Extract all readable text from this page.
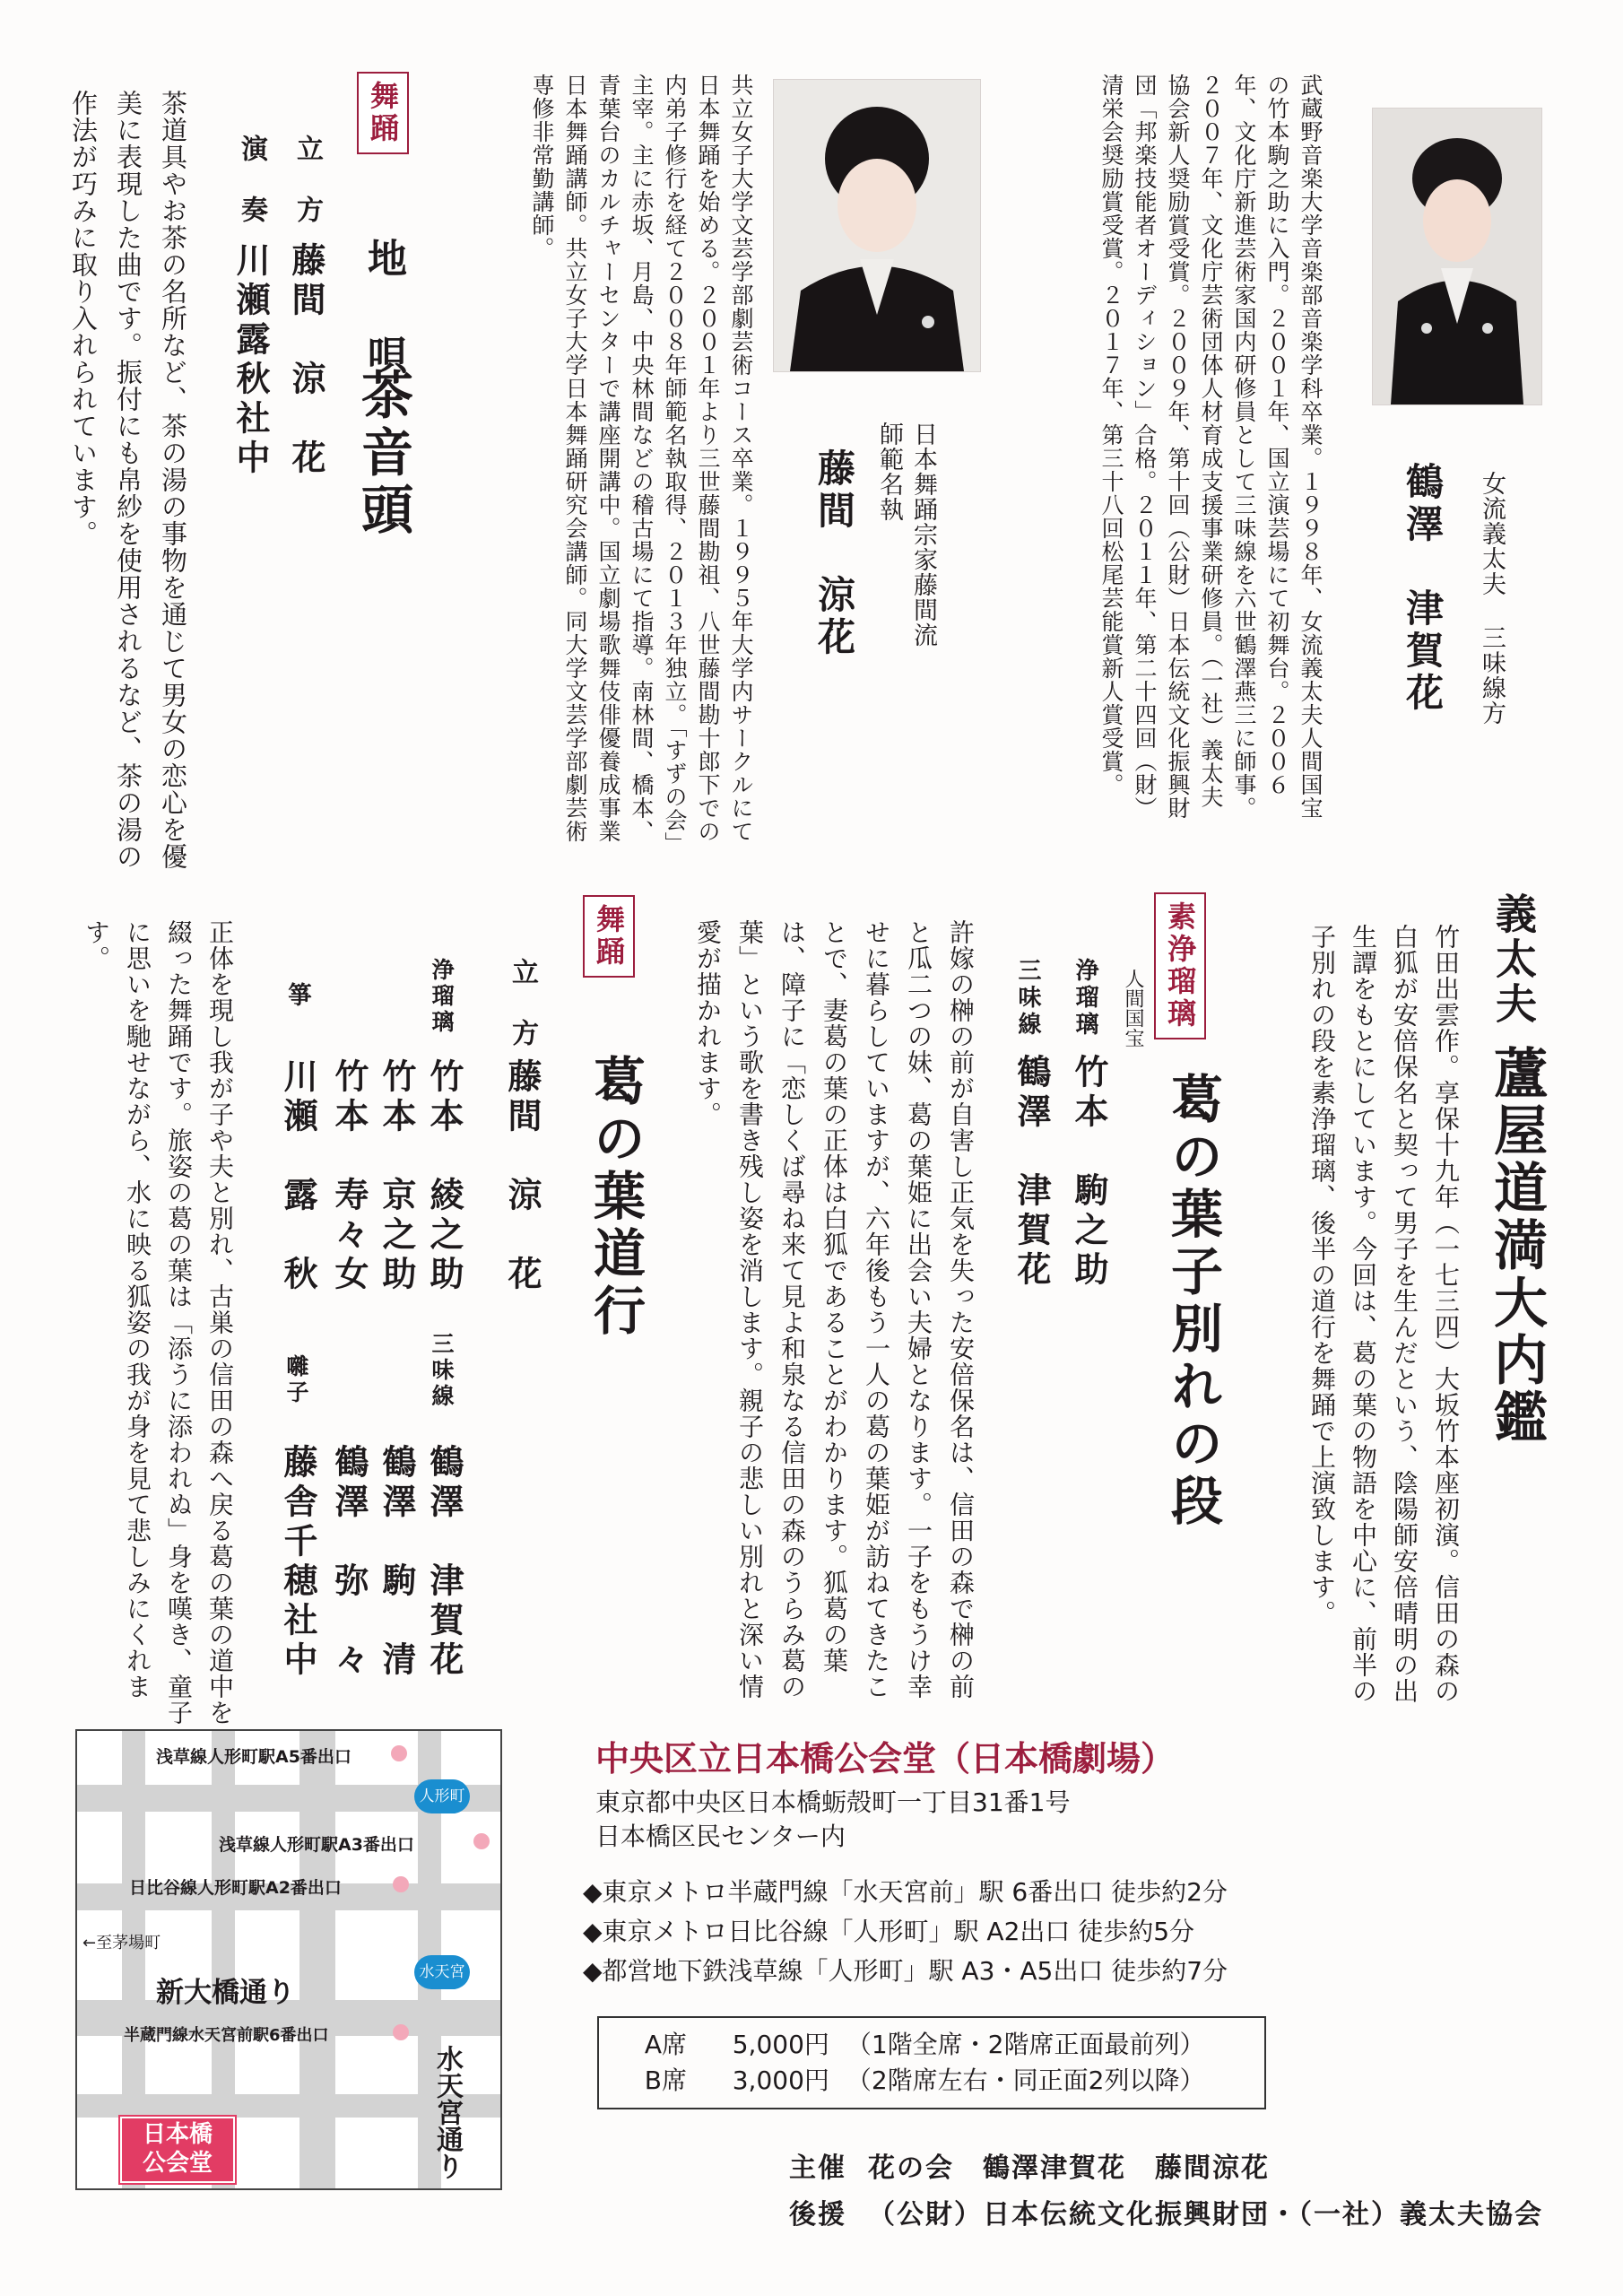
女流義太夫 三味線方
鶴澤　津賀花
武蔵野音楽大学音楽部音楽学科卒業。１９９８年、女流義太夫人間国宝の竹本駒之助に入門。２００１年、国立演芸場にて初舞台。２００６年、文化庁新進芸術家国内研修員として三味線を六世鶴澤燕三に師事。２００７年、文化庁芸術団体人材育成支援事業研修員。（一社）義太夫協会新人奨励賞受賞。２００９年、第十回（公財）日本伝統文化振興財団「邦楽技能者オーディション」合格。２０１１年、第二十四回（財）清栄会奨励賞受賞。２０１７年、第三十八回松尾芸能賞新人賞受賞。
日本舞踊宗家藤間流
師範名執
藤間　涼花
共立女子大学文芸学部劇芸術コース卒業。１９９５年大学内サークルにて日本舞踊を始める。２００１年より三世藤間勘祖、八世藤間勘十郎下での内弟子修行を経て２００８年師範名執取得、２０１３年独立。「すずの会」主宰。主に赤坂、月島、中央林間などの稽古場にて指導。南林間、橋本、青葉台のカルチャーセンターで講座開講中。国立劇場歌舞伎俳優養成事業日本舞踊講師。共立女子大学日本舞踊研究会講師。同大学文芸学部劇芸術専修非常勤講師。
舞踊
地　唄
茶音頭
立　方
藤間　涼　花
演　奏
川瀬露秋社中
茶道具やお茶の名所など、茶の湯の事物を通じて男女の恋心を優美に表現した曲です。振付にも帛紗を使用されるなど、茶の湯の作法が巧みに取り入れられています。
義太夫
蘆屋道満大内鑑
竹田出雲作。享保十九年（一七三四）大坂竹本座初演。信田の森の白狐が安倍保名と契って男子を生んだという、陰陽師安倍晴明の出生譚をもとにしています。今回は、葛の葉の物語を中心に、前半の子別れの段を素浄瑠璃、後半の道行を舞踊で上演致します。
素浄瑠璃
葛の葉子別れの段
人間国宝
浄瑠璃
竹本　駒之助
三味線
鶴澤　津賀花
許嫁の榊の前が自害し正気を失った安倍保名は、信田の森で榊の前と瓜二つの妹、葛の葉姫に出会い夫婦となります。一子をもうけ幸せに暮らしていますが、六年後もう一人の葛の葉姫が訪ねてきたことで、妻葛の葉の正体は白狐であることがわかります。狐葛の葉は、障子に「恋しくば尋ね来て見よ和泉なる信田の森のうらみ葛の葉」という歌を書き残し姿を消します。親子の悲しい別れと深い情愛が描かれます。
舞踊
葛の葉道行
立　方
藤間　涼　花
浄瑠璃
竹本　綾之助
竹本　京之助
竹本　寿々女
箏
川瀬　露　秋
三味線
鶴澤　津賀花
鶴澤　駒　清
鶴澤　弥　々
囃子
藤舎千穂社中
正体を現し我が子や夫と別れ、古巣の信田の森へ戻る葛の葉の道中を綴った舞踊です。旅姿の葛の葉は「添うに添われぬ」身を嘆き、童子に思いを馳せながら、水に映る狐姿の我が身を見て悲しみにくれます。
浅草線人形町駅A5番出口
人形町
浅草線人形町駅A3番出口
日比谷線人形町駅A2番出口
←至茅場町
新大橋通り
水天宮
半蔵門線水天宮前駅6番出口
水天宮通り
日本橋
公会堂
中央区立日本橋公会堂（日本橋劇場）
東京都中央区日本橋蛎殻町一丁目31番1号
日本橋区民センター内
◆東京メトロ半蔵門線「水天宮前」駅 6番出口 徒歩約2分
◆東京メトロ日比谷線「人形町」駅 A2出口 徒歩約5分
◆都営地下鉄浅草線「人形町」駅 A3・A5出口 徒歩約7分
A席 5,000円 （1階全席・2階席正面最前列）
B席 3,000円 （2階席左右・同正面2列以降）
主催 花の会　鶴澤津賀花　藤間涼花
後援 （公財）日本伝統文化振興財団・（一社）義太夫協会
